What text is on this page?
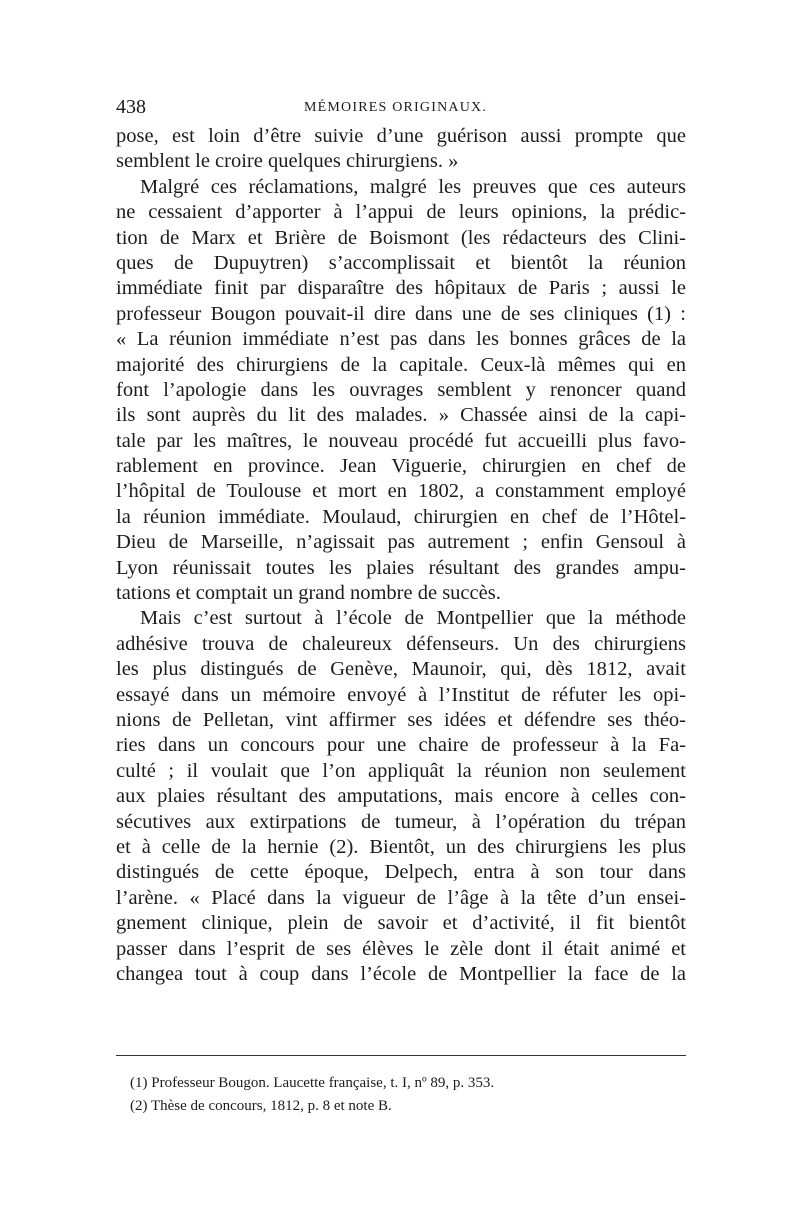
438	MÉMOIRES ORIGINAUX.
pose, est loin d’être suivie d’une guérison aussi prompte que
semblent le croire quelques chirurgiens. »
Malgré ces réclamations, malgré les preuves que ces auteurs
ne cessaient d’apporter à l’appui de leurs opinions, la prédic-
tion de Marx et Brière de Boismont (les rédacteurs des Clini-
ques de Dupuytren) s’accomplissait et bientôt la réunion
immédiate finit par disparaître des hôpitaux de Paris ; aussi le
professeur Bougon pouvait-il dire dans une de ses cliniques (1) :
« La réunion immédiate n’est pas dans les bonnes grâces de la
majorité des chirurgiens de la capitale. Ceux-là mêmes qui en
font l’apologie dans les ouvrages semblent y renoncer quand
ils sont auprès du lit des malades. » Chassée ainsi de la capi-
tale par les maîtres, le nouveau procédé fut accueilli plus favo-
rablement en province. Jean Viguerie, chirurgien en chef de
l’hôpital de Toulouse et mort en 1802, a constamment employé
la réunion immédiate. Moulaud, chirurgien en chef de l’Hôtel-
Dieu de Marseille, n’agissait pas autrement ; enfin Gensoul à
Lyon réunissait toutes les plaies résultant des grandes ampu-
tations et comptait un grand nombre de succès.
Mais c’est surtout à l’école de Montpellier que la méthode
adhésive trouva de chaleureux défenseurs. Un des chirurgiens
les plus distingués de Genève, Maunoir, qui, dès 1812, avait
essayé dans un mémoire envoyé à l’Institut de réfuter les opi-
nions de Pelletan, vint affirmer ses idées et défendre ses théo-
ries dans un concours pour une chaire de professeur à la Fa-
culté ; il voulait que l’on appliquât la réunion non seulement
aux plaies résultant des amputations, mais encore à celles con-
sécutives aux extirpations de tumeur, à l’opération du trépan
et à celle de la hernie (2). Bientôt, un des chirurgiens les plus
distingués de cette époque, Delpech, entra à son tour dans
l’arène. « Placé dans la vigueur de l’âge à la tête d’un ensei-
gnement clinique, plein de savoir et d’activité, il fit bientôt
passer dans l’esprit de ses élèves le zèle dont il était animé et
changea tout à coup dans l’école de Montpellier la face de la
(1) Professeur Bougon. Laucette française, t. I, nº 89, p. 353.
(2) Thèse de concours, 1812, p. 8 et note B.
